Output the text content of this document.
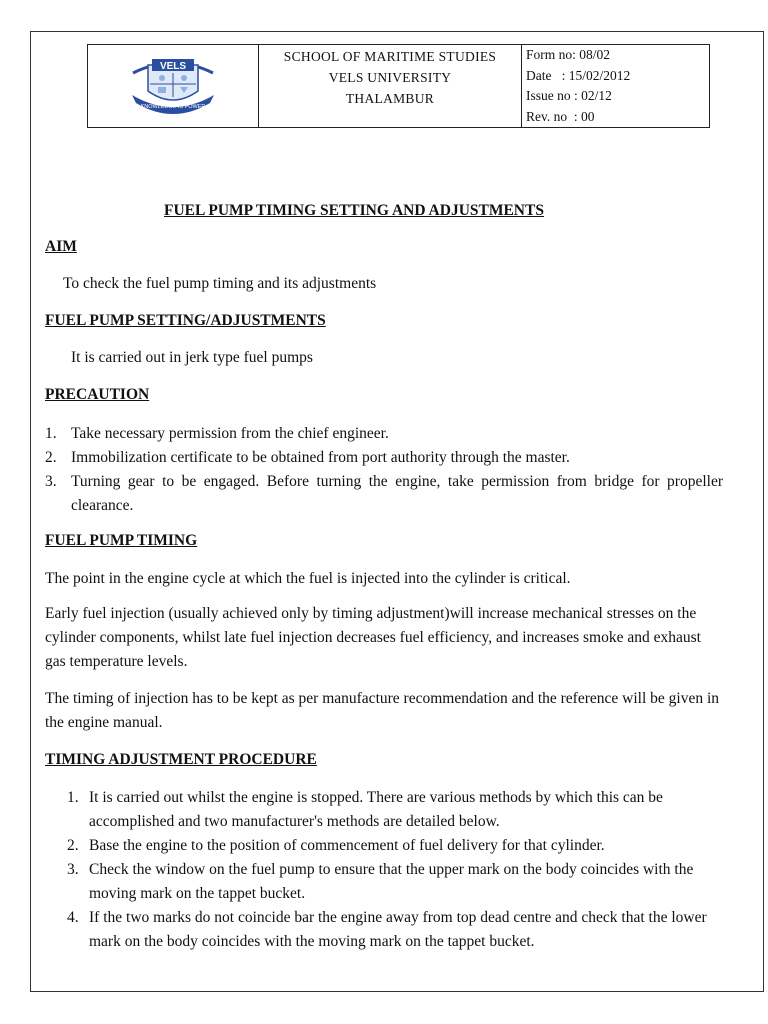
VELS
KNOWLEDGE IS POWER

SCHOOL OF MARITIME STUDIES
VELS UNIVERSITY
THALAMBUR

Form no : 08/02
Date : 15/02/2012
Issue no : 02/12
Rev. no : 00
FUEL PUMP TIMING SETTING AND ADJUSTMENTS
AIM
To check the fuel pump timing and its adjustments
FUEL PUMP SETTING/ADJUSTMENTS
It is carried out in jerk type fuel pumps
PRECAUTION
1. Take necessary permission from the chief engineer.
2. Immobilization certificate to be obtained from port authority through the master.
3. Turning gear to be engaged. Before turning the engine, take permission from bridge for propeller clearance.
FUEL PUMP TIMING
The point in the engine cycle at which the fuel is injected into the cylinder is critical.
Early fuel injection (usually achieved only by timing adjustment)will increase mechanical stresses on the cylinder components, whilst late fuel injection decreases fuel efficiency, and increases smoke and exhaust gas temperature levels.
The timing of injection has to be kept as per manufacture recommendation and the reference will be given in the engine manual.
TIMING ADJUSTMENT PROCEDURE
1. It is carried out whilst the engine is stopped. There are various methods by which this can be accomplished and two manufacturer's methods are detailed below.
2. Base the engine to the position of commencement of fuel delivery for that cylinder.
3. Check the window on the fuel pump to ensure that the upper mark on the body coincides with the moving mark on the tappet bucket.
4. If the two marks do not coincide bar the engine away from top dead centre and check that the lower mark on the body coincides with the moving mark on the tappet bucket.
